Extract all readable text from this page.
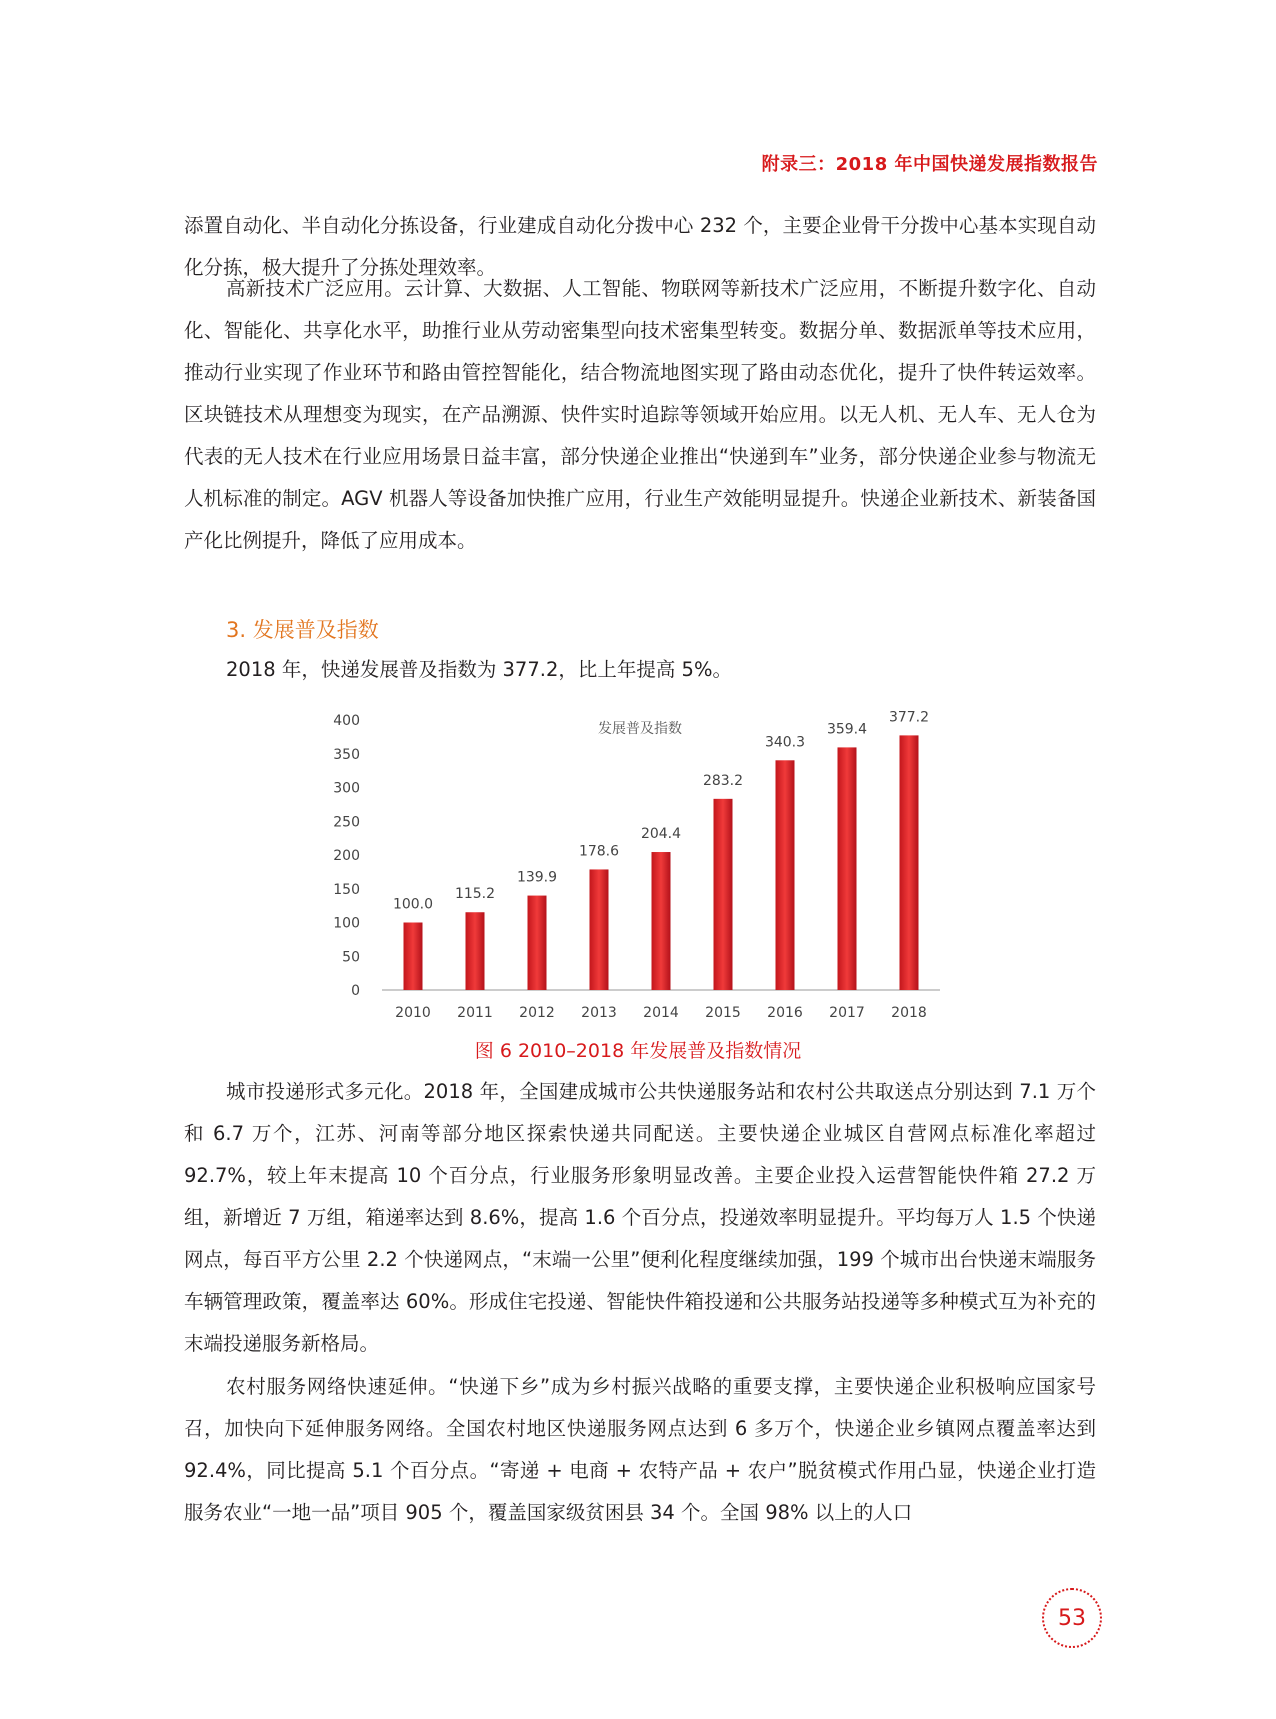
附录三：2018 年中国快递发展指数报告

添置自动化、半自动化分拣设备，行业建成自动化分拨中心 232 个，主要企业骨干分拨中心基本实现自动化分拣，极大提升了分拣处理效率。

高新技术广泛应用。云计算、大数据、人工智能、物联网等新技术广泛应用，不断提升数字化、自动化、智能化、共享化水平，助推行业从劳动密集型向技术密集型转变。数据分单、数据派单等技术应用，推动行业实现了作业环节和路由管控智能化，结合物流地图实现了路由动态优化，提升了快件转运效率。区块链技术从理想变为现实，在产品溯源、快件实时追踪等领域开始应用。以无人机、无人车、无人仓为代表的无人技术在行业应用场景日益丰富，部分快递企业推出“快递到车”业务，部分快递企业参与物流无人机标准的制定。AGV 机器人等设备加快推广应用，行业生产效能明显提升。快递企业新技术、新装备国产化比例提升，降低了应用成本。

3. 发展普及指数

2018 年，快递发展普及指数为 377.2，比上年提高 5%。

0
50
100
150
200
250
300
350
400
100.0
115.2
139.9
178.6
204.4
283.2
340.3
359.4
377.2
2010 2011 2012 2013 2014 2015 2016 2017 2018
发展普及指数
图 6 2010–2018 年发展普及指数情况

城市投递形式多元化。2018 年，全国建成城市公共快递服务站和农村公共取送点分别达到 7.1 万个和 6.7 万个，江苏、河南等部分地区探索快递共同配送。主要快递企业城区自营网点标准化率超过 92.7%，较上年末提高 10 个百分点，行业服务形象明显改善。主要企业投入运营智能快件箱 27.2 万组，新增近 7 万组，箱递率达到 8.6%，提高 1.6 个百分点，投递效率明显提升。平均每万人 1.5 个快递网点，每百平方公里 2.2 个快递网点，“末端一公里”便利化程度继续加强，199 个城市出台快递末端服务车辆管理政策，覆盖率达 60%。形成住宅投递、智能快件箱投递和公共服务站投递等多种模式互为补充的末端投递服务新格局。

农村服务网络快速延伸。“快递下乡”成为乡村振兴战略的重要支撑，主要快递企业积极响应国家号召，加快向下延伸服务网络。全国农村地区快递服务网点达到 6 多万个，快递企业乡镇网点覆盖率达到 92.4%，同比提高 5.1 个百分点。“寄递 + 电商 + 农特产品 + 农户”脱贫模式作用凸显，快递企业打造服务农业“一地一品”项目 905 个，覆盖国家级贫困县 34 个。全国 98% 以上的人口

53
